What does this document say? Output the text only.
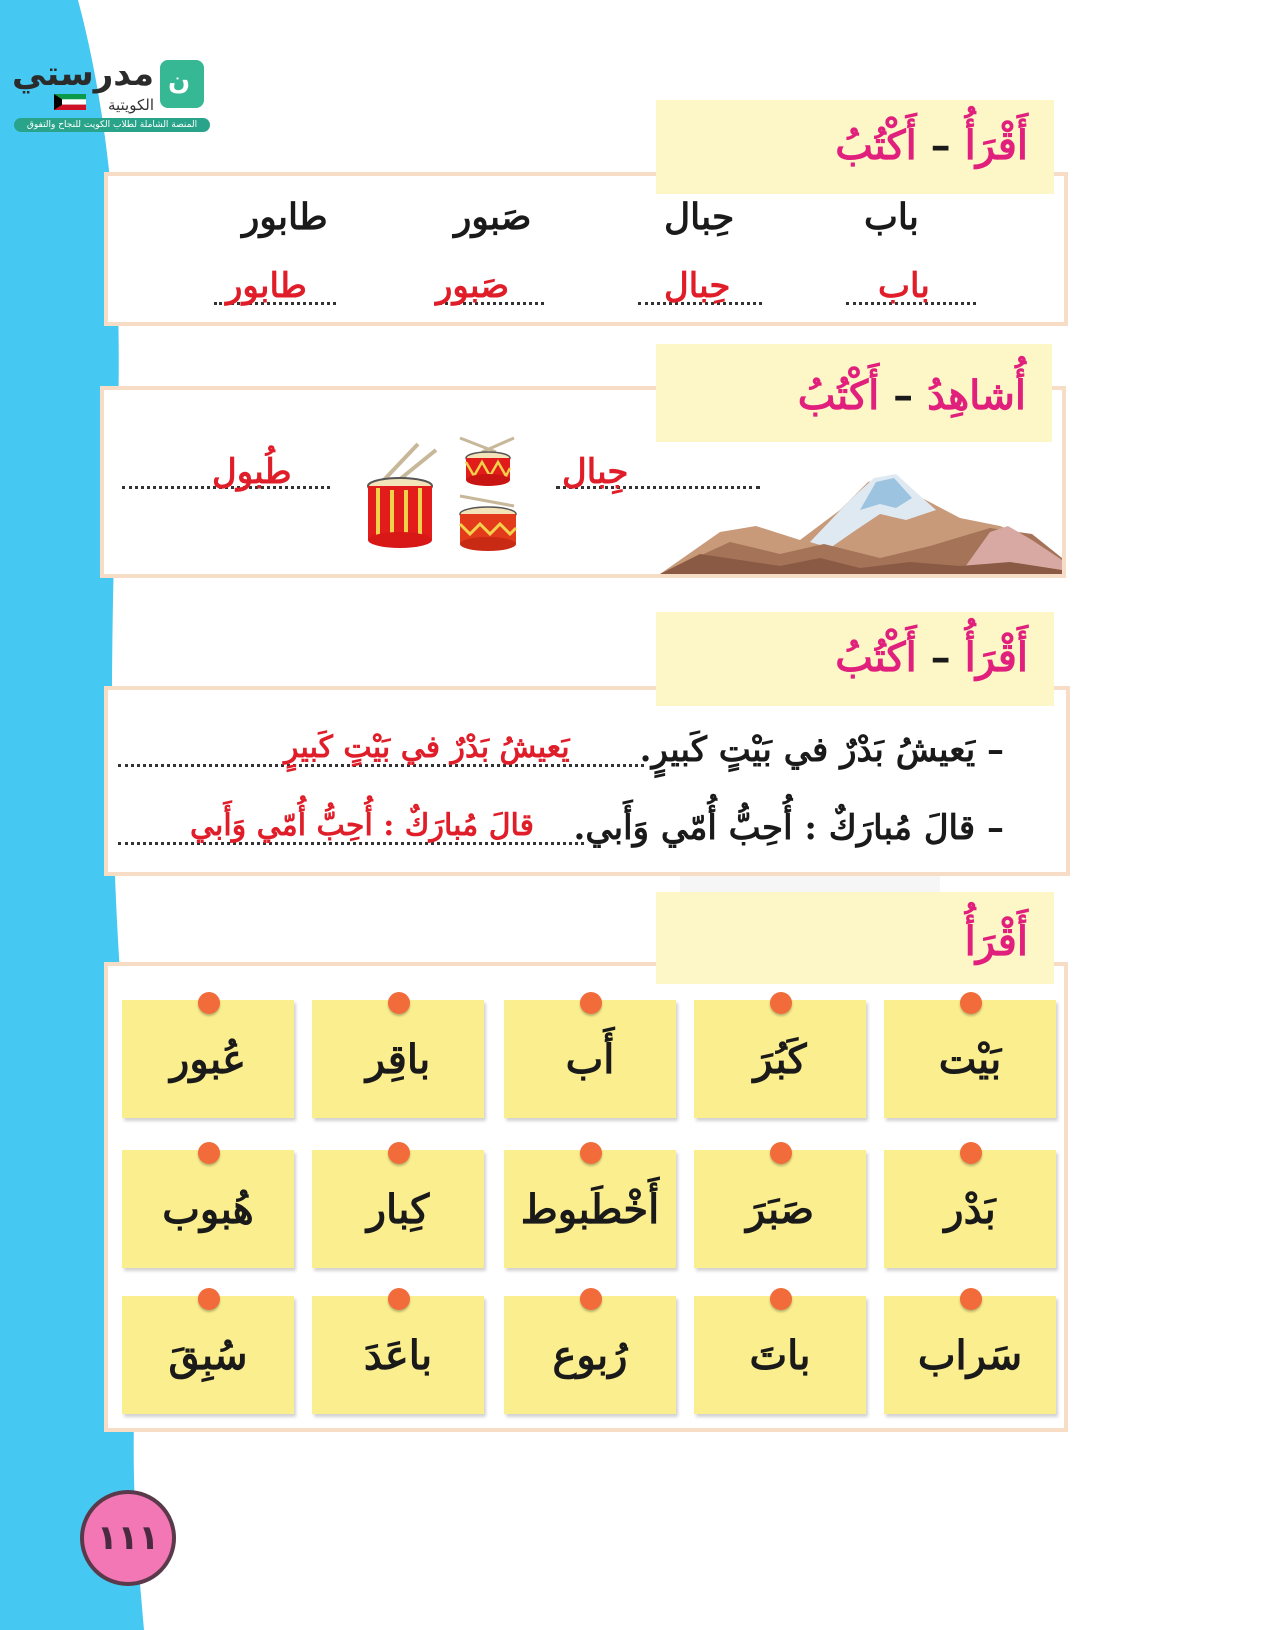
ن
مدرستي
الكويتية
المنصة الشاملة لطلاب الكويت للنجاح والتفوق	أَقْرَأُ – أَكْتُبُ
باب
حِبال
صَبور
طابور
باب
حِبال
صَبور
طابور
أُشاهِدُ – أَكْتُبُ
جِبال
طُبول
أَقْرَأُ – أَكْتُبُ
– يَعيشُ بَدْرٌ في بَيْتٍ كَبيرٍ.
يَعيشُ بَدْرٌ في بَيْتٍ كَبيرٍ
– قالَ مُبارَكٌ : أُحِبُّ أُمّي وَأَبي.
قالَ مُبارَكٌ : أُحِبُّ أُمّي وَأَبي
أَقْرَأُ
بَيْت
كَبُرَ
أَب
باقِر
عُبور
بَدْر
صَبَرَ
أَخْطَبوط
كِبار
هُبوب
سَراب
باتَ
رُبوع
باعَدَ
سُبِقَ
١١١
